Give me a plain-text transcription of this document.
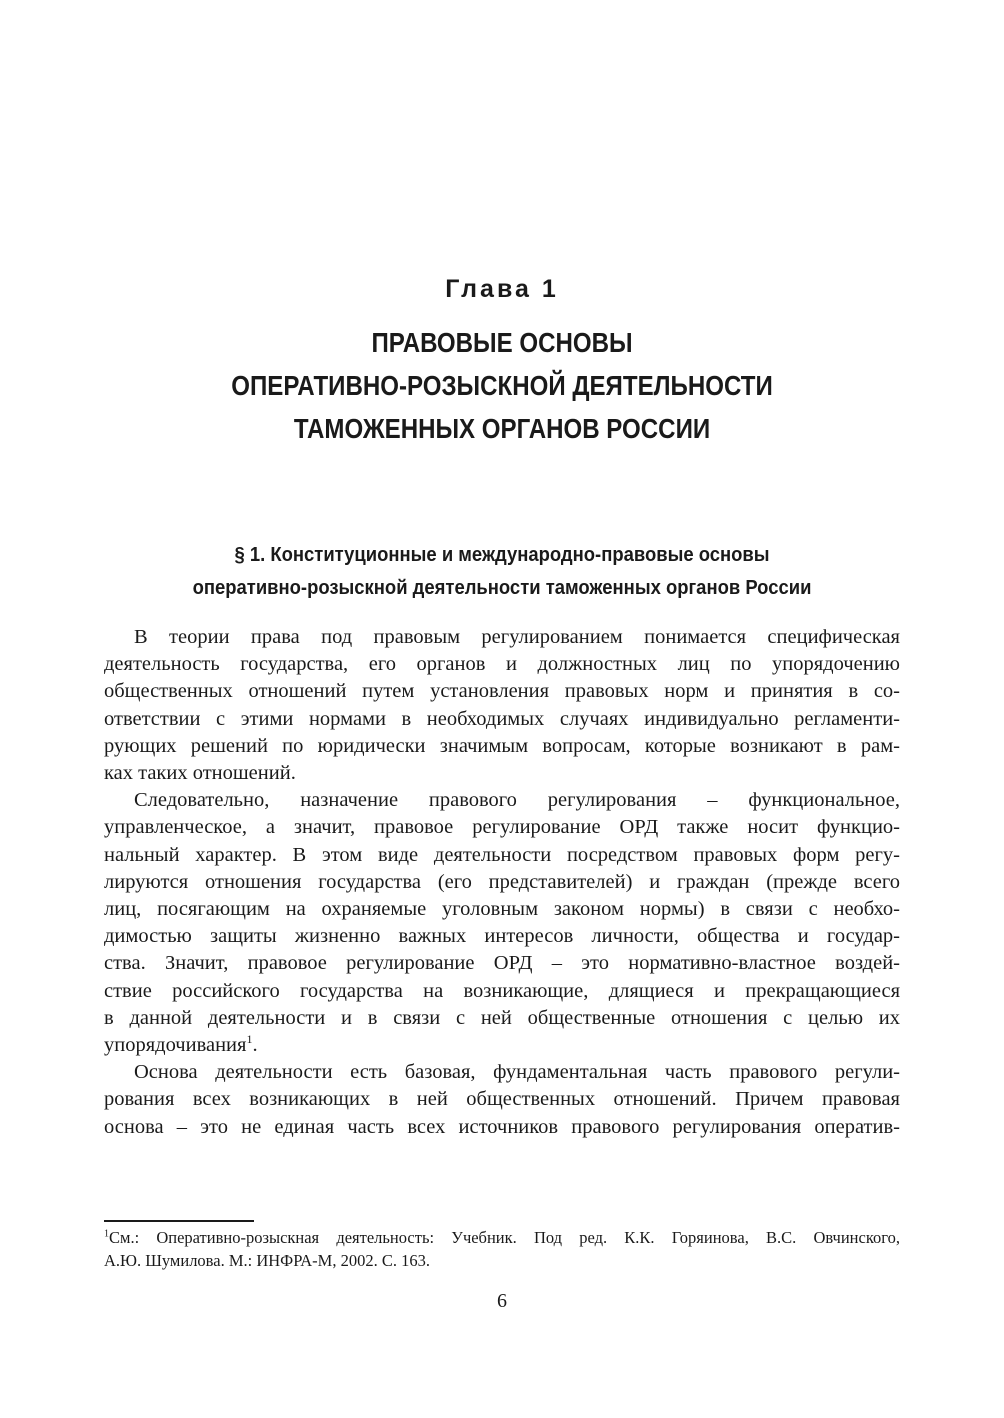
Глава 1
ПРАВОВЫЕ ОСНОВЫ
ОПЕРАТИВНО-РОЗЫСКНОЙ ДЕЯТЕЛЬНОСТИ
ТАМОЖЕННЫХ ОРГАНОВ РОССИИ
§ 1. Конституционные и международно-правовые основы
оперативно-розыскной деятельности таможенных органов России

В теории права под правовым регулированием понимается специфическая

деятельность государства, его органов и должностных лиц по упорядочению

общественных отношений путем установления правовых норм и принятия в со-

ответствии с этими нормами в необходимых случаях индивидуально регламенти-

рующих решений по юридически значимым вопросам, которые возникают в рам-

ках таких отношений.

Следовательно, назначение правового регулирования – функциональное,

управленческое, а значит, правовое регулирование ОРД также носит функцио-

нальный характер. В этом виде деятельности посредством правовых форм регу-

лируются отношения государства (его представителей) и граждан (прежде всего

лиц, посягающим на охраняемые уголовным законом нормы) в связи с необхо-

димостью защиты жизненно важных интересов личности, общества и государ-

ства. Значит, правовое регулирование ОРД – это нормативно-властное воздей-

ствие российского государства на возникающие, длящиеся и прекращающиеся

в данной деятельности и в связи с ней общественные отношения с целью их

упорядочивания$^1$.

Основа деятельности есть базовая, фундаментальная часть правового регули-

рования всех возникающих в ней общественных отношений. Причем правовая

основа – это не единая часть всех источников правового регулирования оператив-

$^1$См.: Оперативно-розыскная деятельность: Учебник. Под ред. К.К. Горяинова, В.С. Овчинского,

А.Ю. Шумилова. М.: ИНФРА-М, 2002. С. 163.

6
